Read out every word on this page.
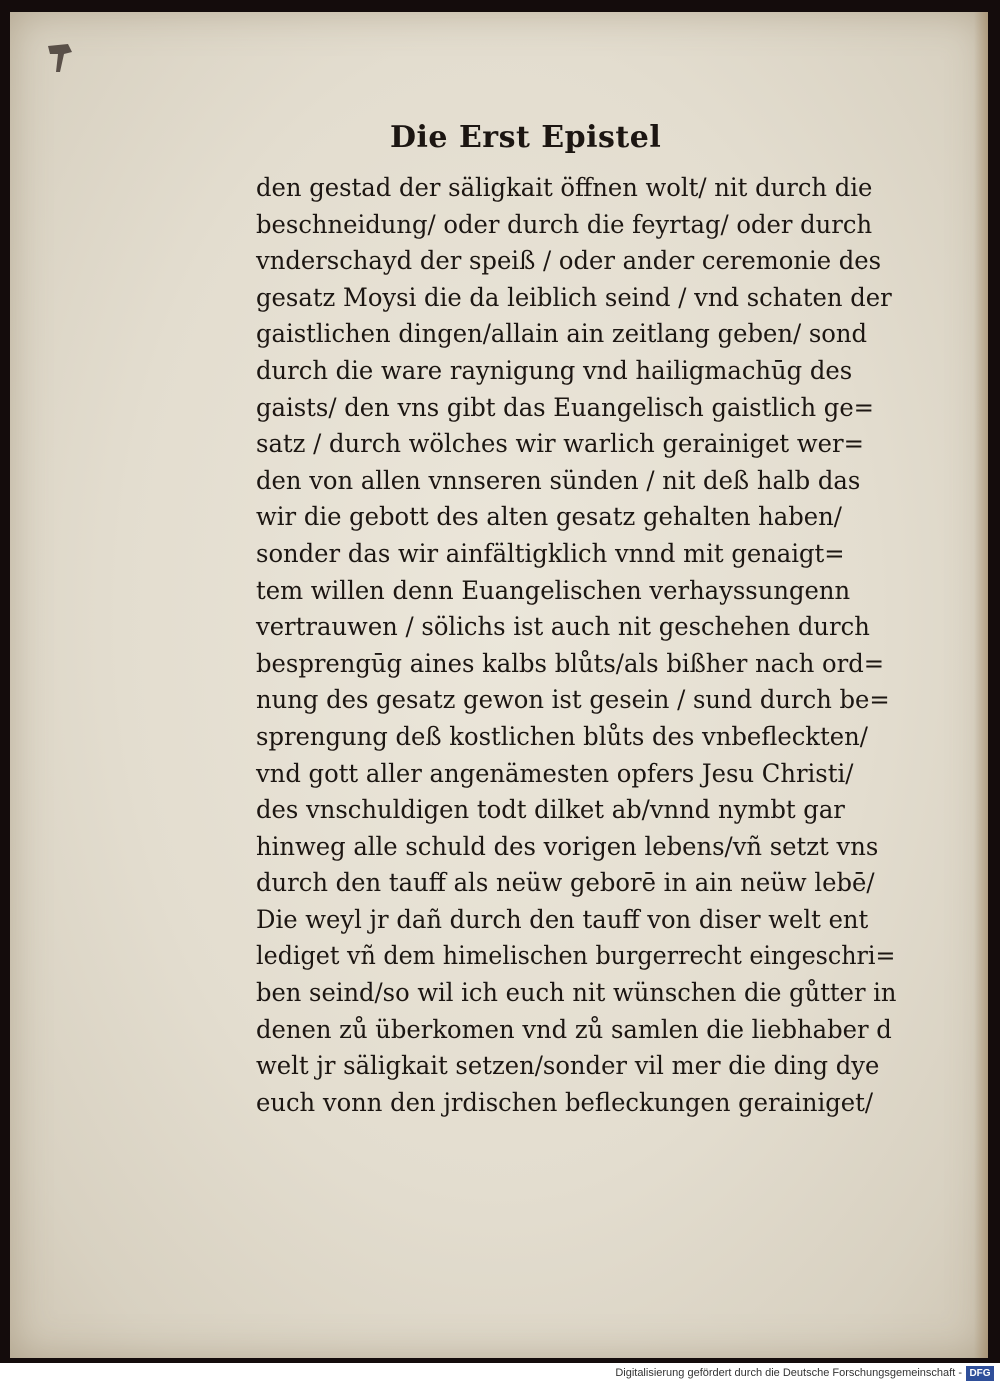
Die Erst Epistel
den gestad der säligkait öffnen wolt/ nit durch die
beschneidung/ oder durch die feyrtag/ oder durch
vnderschayd der speiß / oder ander ceremonie des
gesatz Moysi die da leiblich seind / vnd schaten der
gaistlichen dingen/allain ain zeitlang geben/ sond
durch die ware raynigung vnd hailigmachūg des
gaists/ den vns gibt das Euangelisch gaistlich ge=
satz / durch wölches wir warlich gerainiget wer=
den von allen vnnseren sünden / nit deß halb das
wir die gebott des alten gesatz gehalten haben/
sonder das wir ainfältigklich vnnd mit genaigt=
tem willen denn Euangelischen verhayssungenn
vertrauwen / sölichs ist auch nit geschehen durch
besprengūg aines kalbs blůts/als bißher nach ord=
nung des gesatz gewon ist gesein / sund durch be=
sprengung deß kostlichen blůts des vnbefleckten/
vnd gott aller angenämesten opfers Jesu Christi/
des vnschuldigen todt dilket ab/vnnd nymbt gar
hinweg alle schuld des vorigen lebens/vñ setzt vns
durch den tauff als neüw geborē in ain neüw lebē/
Die weyl jr dañ durch den tauff von diser welt ent
lediget vñ dem himelischen burgerrecht eingeschri=
ben seind/so wil ich euch nit wünschen die gůtter in
denen zů überkomen vnd zů samlen die liebhaber d
welt jr säligkait setzen/sonder vil mer die ding dye
euch vonn den jrdischen befleckungen gerainiget/
Digitalisierung gefördert durch die Deutsche Forschungsgemeinschaft - DFG
